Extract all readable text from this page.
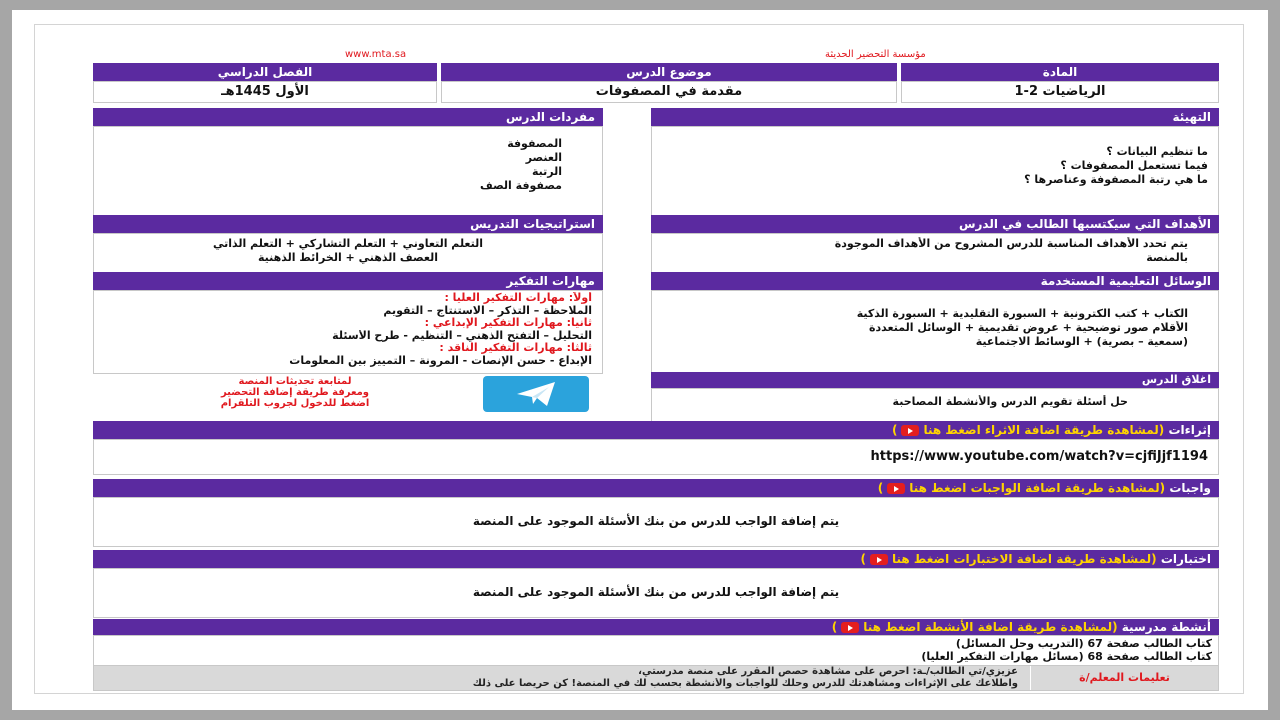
www.mta.sa	مؤسسة التحضير الحديثة
المادة
الرياضيات 2-1
موضوع الدرس
مقدمة في المصفوفات
الفصل الدراسي
الأول 1445هـ
التهيئة
ما تنظيم البيانات ؟
فيما تستعمل المصفوفات ؟
ما هي رتبة المصفوفة وعناصرها ؟
مفردات الدرس
المصفوفة
العنصر
الرتبة
مصفوفة الصف
الأهداف التي سيكتسبها الطالب في الدرس
يتم تحدد الأهداف المناسبة للدرس المشروح من الأهداف الموجودة
بالمنصة
استراتيجيات التدريس
التعلم التعاوني + التعلم التشاركي + التعلم الذاتي
العصف الذهني + الخرائط الذهنية
الوسائل التعليمية المستخدمة
الكتاب + كتب الكترونية + السبورة التقليدية + السبورة الذكية
الأقلام صور توضيحية + عروض تقديمية + الوسائل المتعددة
(سمعية – بصرية) + الوسائط الاجتماعية
مهارات التفكير
أولاً: مهارات التفكير العليا :
الملاحظة – التذكر – الاستنتاج – التقويم
ثانياً: مهارات التفكير الإبداعي :
التحليل – التفتح الذهني – التنظيم - طرح الأسئلة
ثالثاً: مهارات التفكير الناقد :
الإبداع - حسن الإنصات - المرونة – التمييز بين المعلومات
لمتابعة تحديثات المنصة
ومعرفة طريقة إضافة التحضير
اضغط للدخول لجروب التلقرام
اغلاق الدرس
حل أسئلة تقويم الدرس والأنشطة المصاحبة
إثراءات (لمشاهدة طريقة اضافة الاثراء اضغط هنا)
https://www.youtube.com/watch?v=cjfiJjf1194
واجبات (لمشاهدة طريقة اضافة الواجبات اضغط هنا)
يتم إضافة الواجب للدرس من بنك الأسئلة الموجود على المنصة
اختبارات (لمشاهدة طريقة اضافة الاختبارات اضغط هنا)
يتم إضافة الواجب للدرس من بنك الأسئلة الموجود على المنصة
أنشطة مدرسية (لمشاهدة طريقة اضافة الأنشطة اضغط هنا)
كتاب الطالب صفحة 67 (التدريب وحل المسائل)
كتاب الطالب صفحة 68 (مسائل مهارات التفكير العليا)
تعليمات المعلم/ة
عزيزي/تي الطالب/ـة: احرص على مشاهدة حصص المقرر على منصة مدرستي،
واطلاعك على الإثراءات ومشاهدتك للدرس وحلك للواجبات والأنشطة بحسب لك في المنصة! كن حريصا على ذلك
